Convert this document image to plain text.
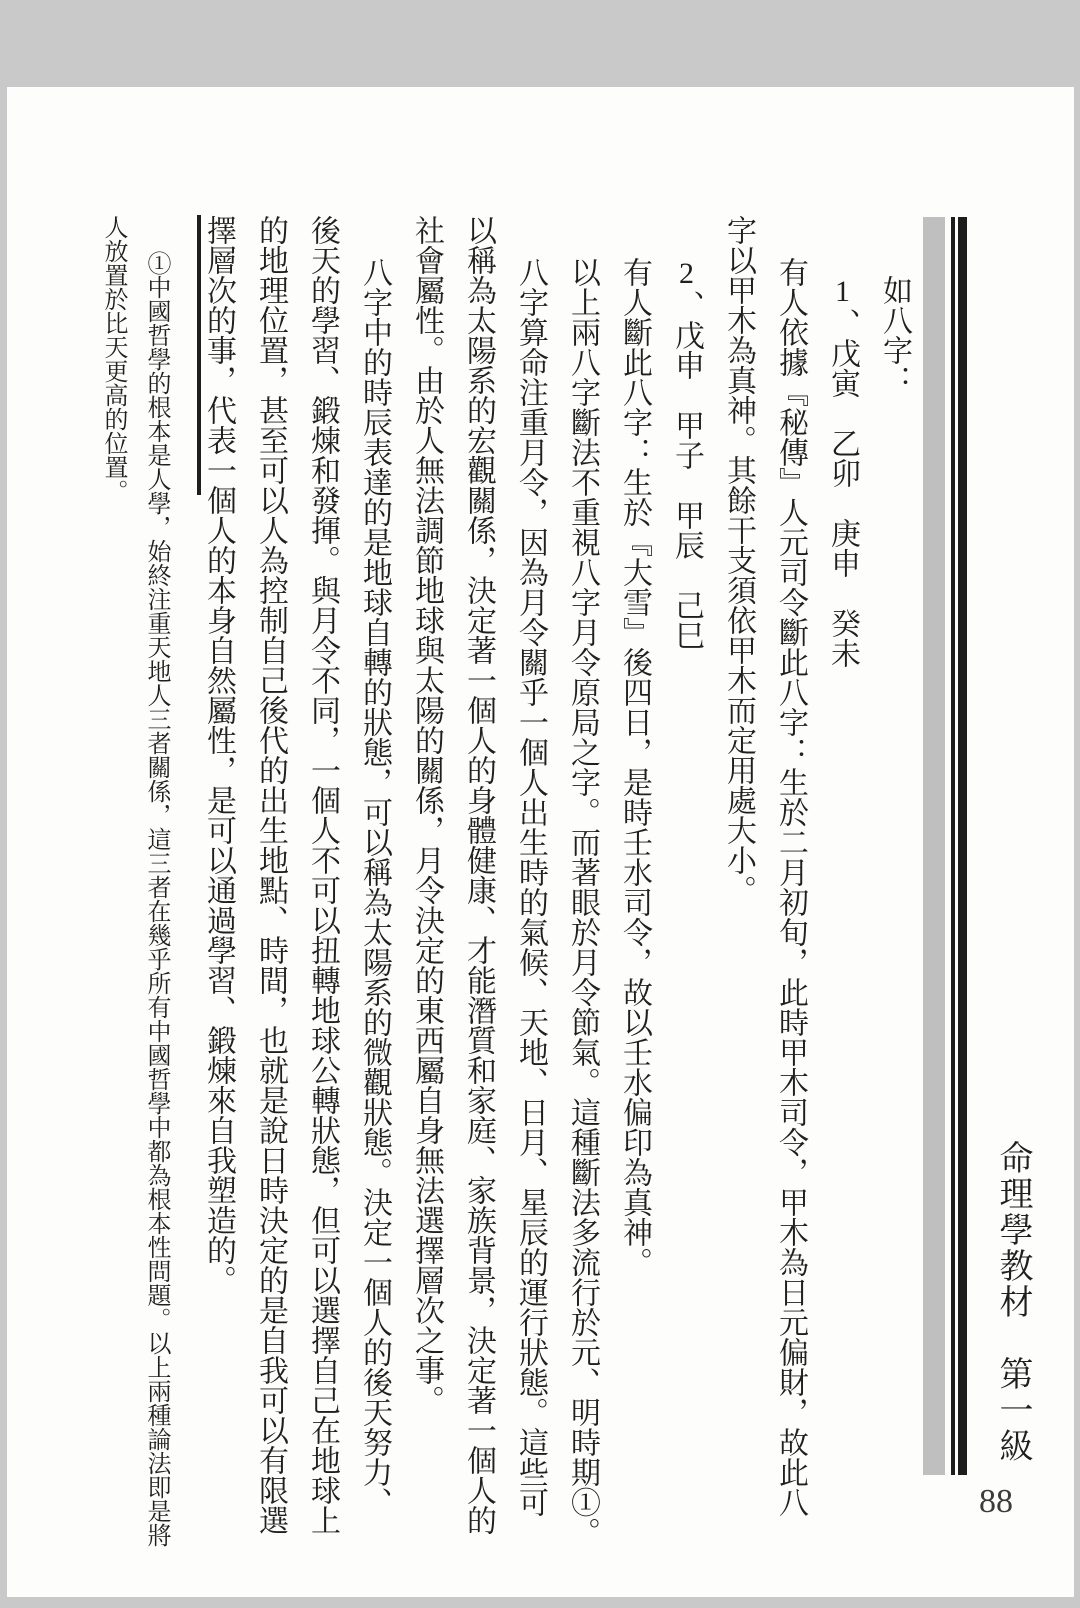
命理學教材　第一級
88

如八字：

1、戊寅　乙卯　庚申　癸未

有人依據『秘傳』人元司令斷此八字：生於二月初旬，此時甲木司令，甲木為日元偏財，故此八

字以甲木為真神。其餘干支須依甲木而定用處大小。

2、戊申　甲子　甲辰　己巳

有人斷此八字：生於『大雪』後四日，是時壬水司令，故以壬水偏印為真神。

以上兩八字斷法不重視八字月令原局之字。而著眼於月令節氣。這種斷法多流行於元、明時期①。

八字算命注重月令，因為月令關乎一個人出生時的氣候、天地、日月、星辰的運行狀態。這些可

以稱為太陽系的宏觀關係，決定著一個人的身體健康、才能潛質和家庭、家族背景，決定著一個人的

社會屬性。由於人無法調節地球與太陽的關係，月令決定的東西屬自身無法選擇層次之事。

八字中的時辰表達的是地球自轉的狀態，可以稱為太陽系的微觀狀態。決定一個人的後天努力、

後天的學習、鍛煉和發揮。與月令不同，一個人不可以扭轉地球公轉狀態，但可以選擇自己在地球上

的地理位置，甚至可以人為控制自己後代的出生地點、時間，也就是說日時決定的是自我可以有限選

擇層次的事，代表一個人的本身自然屬性，是可以通過學習、鍛煉來自我塑造的。

①中國哲學的根本是人學，始終注重天地人三者關係，這三者在幾乎所有中國哲學中都為根本性問題。以上兩種論法即是將

人放置於比天更高的位置。
